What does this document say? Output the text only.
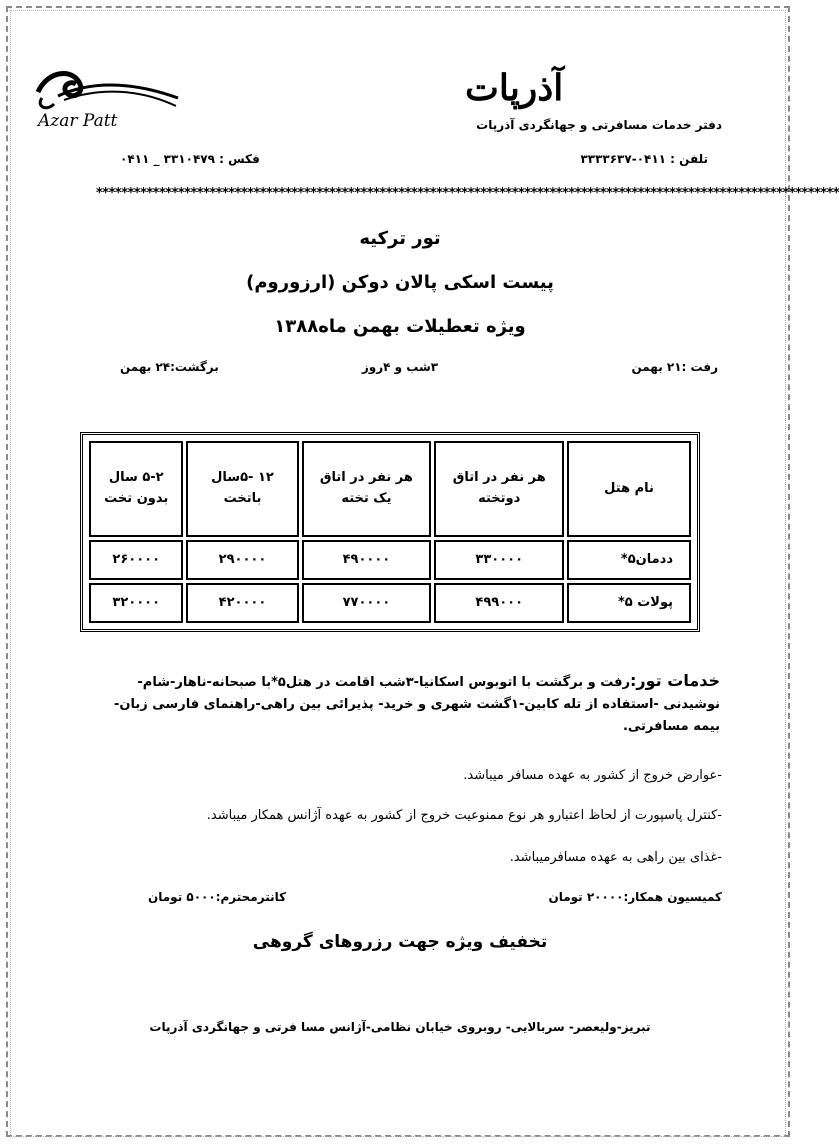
Azar Patt
آذرپات
دفتر خدمات مسافرتی و جهانگردی آذرپات
تلفن : ۰۴۱۱-۳۳۳۳۶۳۷
فکس : ۳۳۱۰۴۷۹ _ ۰۴۱۱
**********************************************************************************************************************
تور ترکیه
پیست اسکی پالان دوکن (ارزوروم)
ویژه تعطیلات بهمن ماه۱۳۸۸
رفت :۲۱ بهمن
۳شب و ۴روز
برگشت:۲۴ بهمن
نام هتل	هر نفر در اتاق دوتخته	هر نفر در اتاق یک تخته	۱۲ -۵سال باتخت	۵-۲ سال بدون تخت
ددمان۵*	۳۳۰۰۰۰	۴۹۰۰۰۰	۲۹۰۰۰۰	۲۶۰۰۰۰
پولات ۵*	۴۹۹۰۰۰	۷۷۰۰۰۰	۴۲۰۰۰۰	۳۲۰۰۰۰
خدمات تور:رفت و برگشت با اتوبوس اسکانیا-۳شب اقامت در هتل۵*با صبحانه-ناهار-شام-نوشیدنی -استفاده از تله کابین-۱گشت شهری و خرید- پذیرائی بین راهی-راهنمای فارسی زبان-بیمه مسافرتی.
-عوارض خروج از کشور به عهده مسافر میباشد.
-کنترل پاسپورت از لحاظ اعتبارو هر نوع ممنوعیت خروج از کشور به عهده آژانس همکار میباشد.
-غذای بین راهی به عهده مسافرمیباشد.
کمیسیون همکار:۲۰۰۰۰ تومان
کانترمحترم:۵۰۰۰ تومان
تخفیف ویژه جهت رزروهای گروهی
تبریز-ولیعصر- سربالایی- روبروی خیابان نظامی-آژانس مسا فرتی و جهانگردی آذرپات
